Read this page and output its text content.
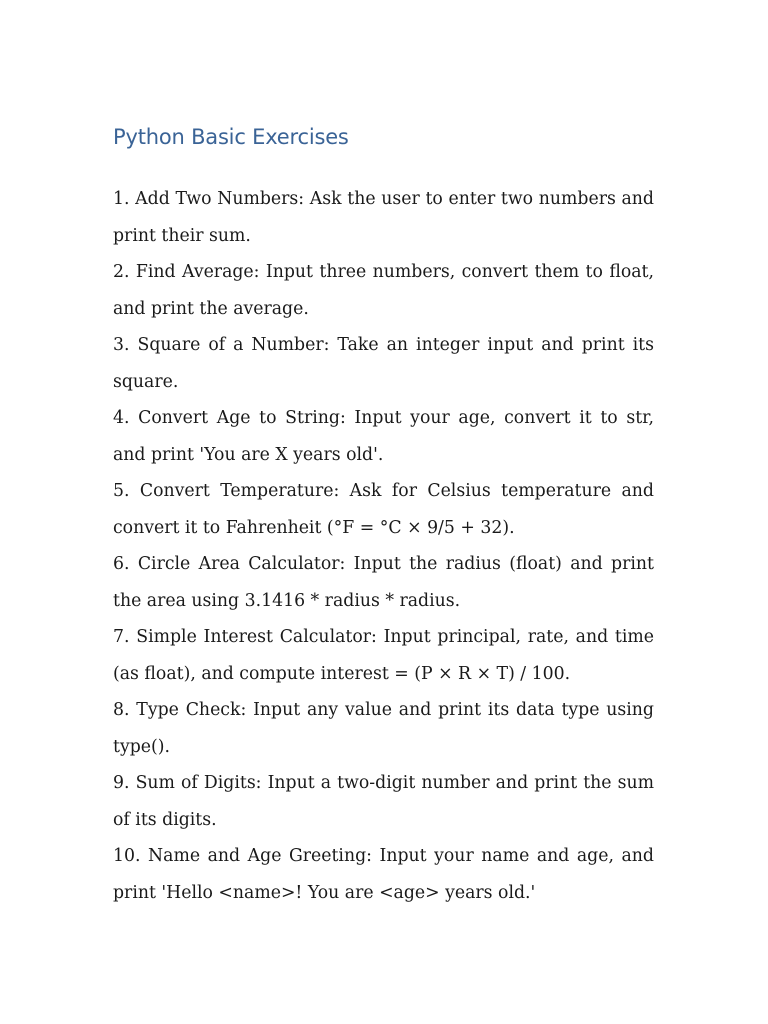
Python Basic Exercises
1. Add Two Numbers: Ask the user to enter two numbers and print their sum.
2. Find Average: Input three numbers, convert them to float, and print the average.
3. Square of a Number: Take an integer input and print its square.
4. Convert Age to String: Input your age, convert it to str, and print 'You are X years old'.
5. Convert Temperature: Ask for Celsius temperature and convert it to Fahrenheit (°F = °C × 9/5 + 32).
6. Circle Area Calculator: Input the radius (float) and print the area using 3.1416 * radius * radius.
7. Simple Interest Calculator: Input principal, rate, and time (as float), and compute interest = (P × R × T) / 100.
8. Type Check: Input any value and print its data type using type().
9. Sum of Digits: Input a two-digit number and print the sum of its digits.
10. Name and Age Greeting: Input your name and age, and print 'Hello <name>! You are <age> years old.'
